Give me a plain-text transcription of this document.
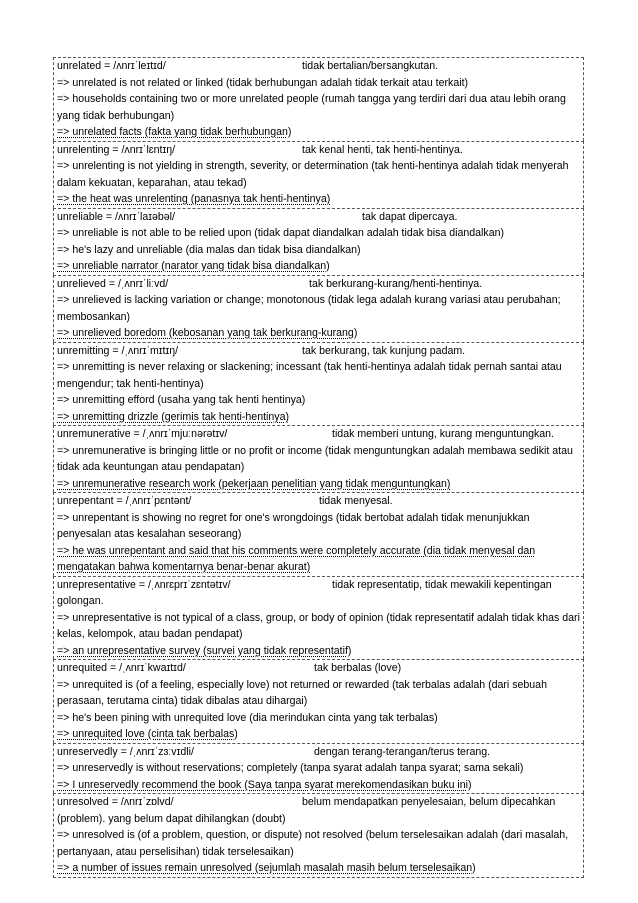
unrelated = /ʌnrɪˈleɪtɪd/	tidak bertalian/bersangkutan.

=> unrelated is not related or linked (tidak berhubungan adalah tidak terkait atau terkait)

=> households containing two or more unrelated people (rumah tangga yang terdiri dari dua atau lebih orang yang tidak berhubungan)

=> unrelated facts (fakta yang tidak berhubungan)

unrelenting = /ʌnrɪˈlɛntɪŋ/	tak kenal henti, tak henti-hentinya.

=> unrelenting is not yielding in strength, severity, or determination (tak henti-hentinya adalah tidak menyerah dalam kekuatan, keparahan, atau tekad)

=> the heat was unrelenting (panasnya tak henti-hentinya)

unreliable = /ʌnrɪˈlaɪəbəl/	tak dapat dipercaya.

=> unreliable is not able to be relied upon (tidak dapat diandalkan adalah tidak bisa diandalkan)

=> he's lazy and unreliable (dia malas dan tidak bisa diandalkan)

=> unreliable narrator (narator yang tidak bisa diandalkan)

unrelieved = /ˌʌnrɪˈliːvd/	tak berkurang-kurang/henti-hentinya.

=> unrelieved is lacking variation or change; monotonous (tidak lega adalah kurang variasi atau perubahan; membosankan)

=> unrelieved boredom (kebosanan yang tak berkurang-kurang)

unremitting = /ˌʌnrɪˈmɪtɪŋ/	tak berkurang, tak kunjung padam.

=> unremitting is never relaxing or slackening; incessant (tak henti-hentinya adalah tidak pernah santai atau mengendur; tak henti-hentinya)

=> unremitting efford (usaha yang tak henti hentinya)

=> unremitting drizzle (gerimis tak henti-hentinya)

unremunerative = /ˌʌnrɪˈmjuːnərətɪv/	tidak memberi untung, kurang menguntungkan.

=> unremunerative is bringing little or no profit or income (tidak menguntungkan adalah membawa sedikit atau tidak ada keuntungan atau pendapatan)

=> unremunerative research work (pekerjaan penelitian yang tidak menguntungkan)

unrepentant = /ˌʌnrɪˈpɛntənt/	tidak menyesal.

=> unrepentant is showing no regret for one's wrongdoings (tidak bertobat adalah tidak menunjukkan penyesalan atas kesalahan seseorang)

=> he was unrepentant and said that his comments were completely accurate (dia tidak menyesal dan mengatakan bahwa komentarnya benar-benar akurat)

unrepresentative = /ˌʌnrɛprɪˈzɛntətɪv/	tidak representatip, tidak mewakili kepentingan golongan.

=> unrepresentative is not typical of a class, group, or body of opinion (tidak representatif adalah tidak khas dari kelas, kelompok, atau badan pendapat)

=> an unrepresentative survey (survei yang tidak representatif)

unrequited = /ˌʌnrɪˈkwaɪtɪd/	tak berbalas (love)

=> unrequited is (of a feeling, especially love) not returned or rewarded (tak terbalas adalah (dari sebuah perasaan, terutama cinta) tidak dibalas atau dihargai)

=> he's been pining with unrequited love (dia merindukan cinta yang tak terbalas)

=> unrequited love (cinta tak berbalas)

unreservedly = /ˌʌnrɪˈzɜːvɪdli/	dengan terang-terangan/terus terang.

=> unreservedly is without reservations; completely (tanpa syarat adalah tanpa syarat; sama sekali)

=> I unreservedly recommend the book (Saya tanpa syarat merekomendasikan buku ini)

unresolved = /ʌnrɪˈzɒlvd/	belum mendapatkan penyelesaian, belum dipecahkan (problem). yang belum dapat dihilangkan (doubt)

=> unresolved is (of a problem, question, or dispute) not resolved (belum terselesaikan adalah (dari masalah, pertanyaan, atau perselisihan) tidak terselesaikan)

=> a number of issues remain unresolved (sejumlah masalah masih belum terselesaikan)
